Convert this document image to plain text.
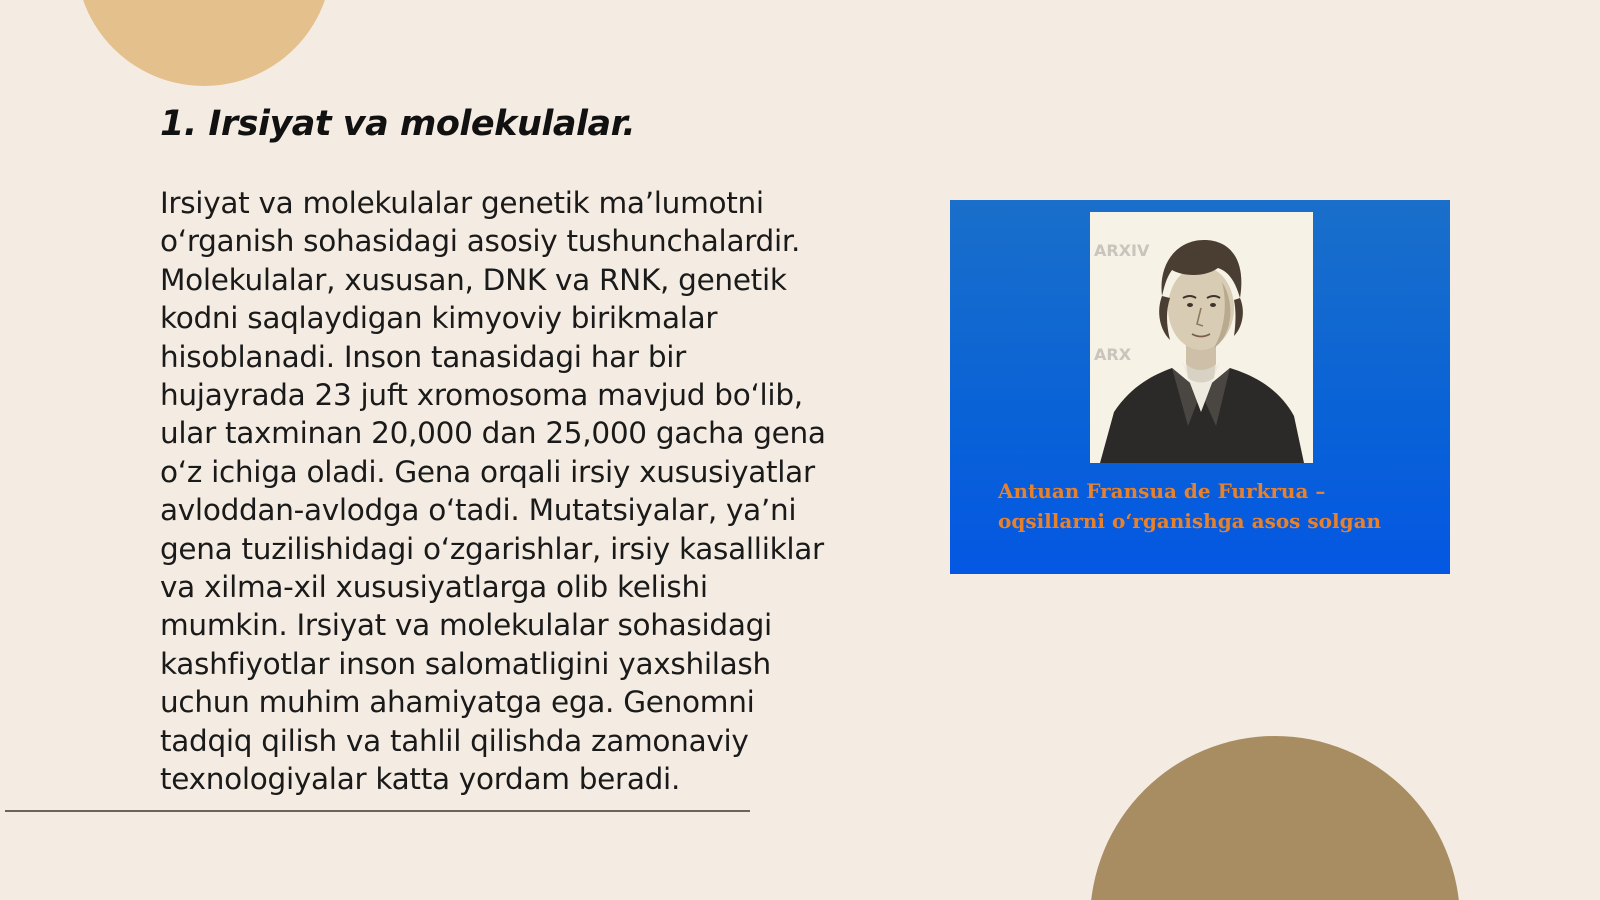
1. Irsiyat va molekulalar.

Irsiyat va molekulalar genetik ma’lumotni
o‘rganish sohasidagi asosiy tushunchalardir.
Molekulalar, xususan, DNK va RNK, genetik
kodni saqlaydigan kimyoviy birikmalar
hisoblanadi. Inson tanasidagi har bir
hujayrada 23 juft xromosoma mavjud bo‘lib,
ular taxminan 20,000 dan 25,000 gacha gena
o‘z ichiga oladi. Gena orqali irsiy xususiyatlar
avloddan-avlodga o‘tadi. Mutatsiyalar, ya’ni
gena tuzilishidagi o‘zgarishlar, irsiy kasalliklar
va xilma-xil xususiyatlarga olib kelishi
mumkin. Irsiyat va molekulalar sohasidagi
kashfiyotlar inson salomatligini yaxshilash
uchun muhim ahamiyatga ega. Genomni
tadqiq qilish va tahlil qilishda zamonaviy
texnologiyalar katta yordam beradi.

ARXIV
ARX

Antuan Fransua de Furkrua –
oqsillarni o‘rganishga asos solgan
